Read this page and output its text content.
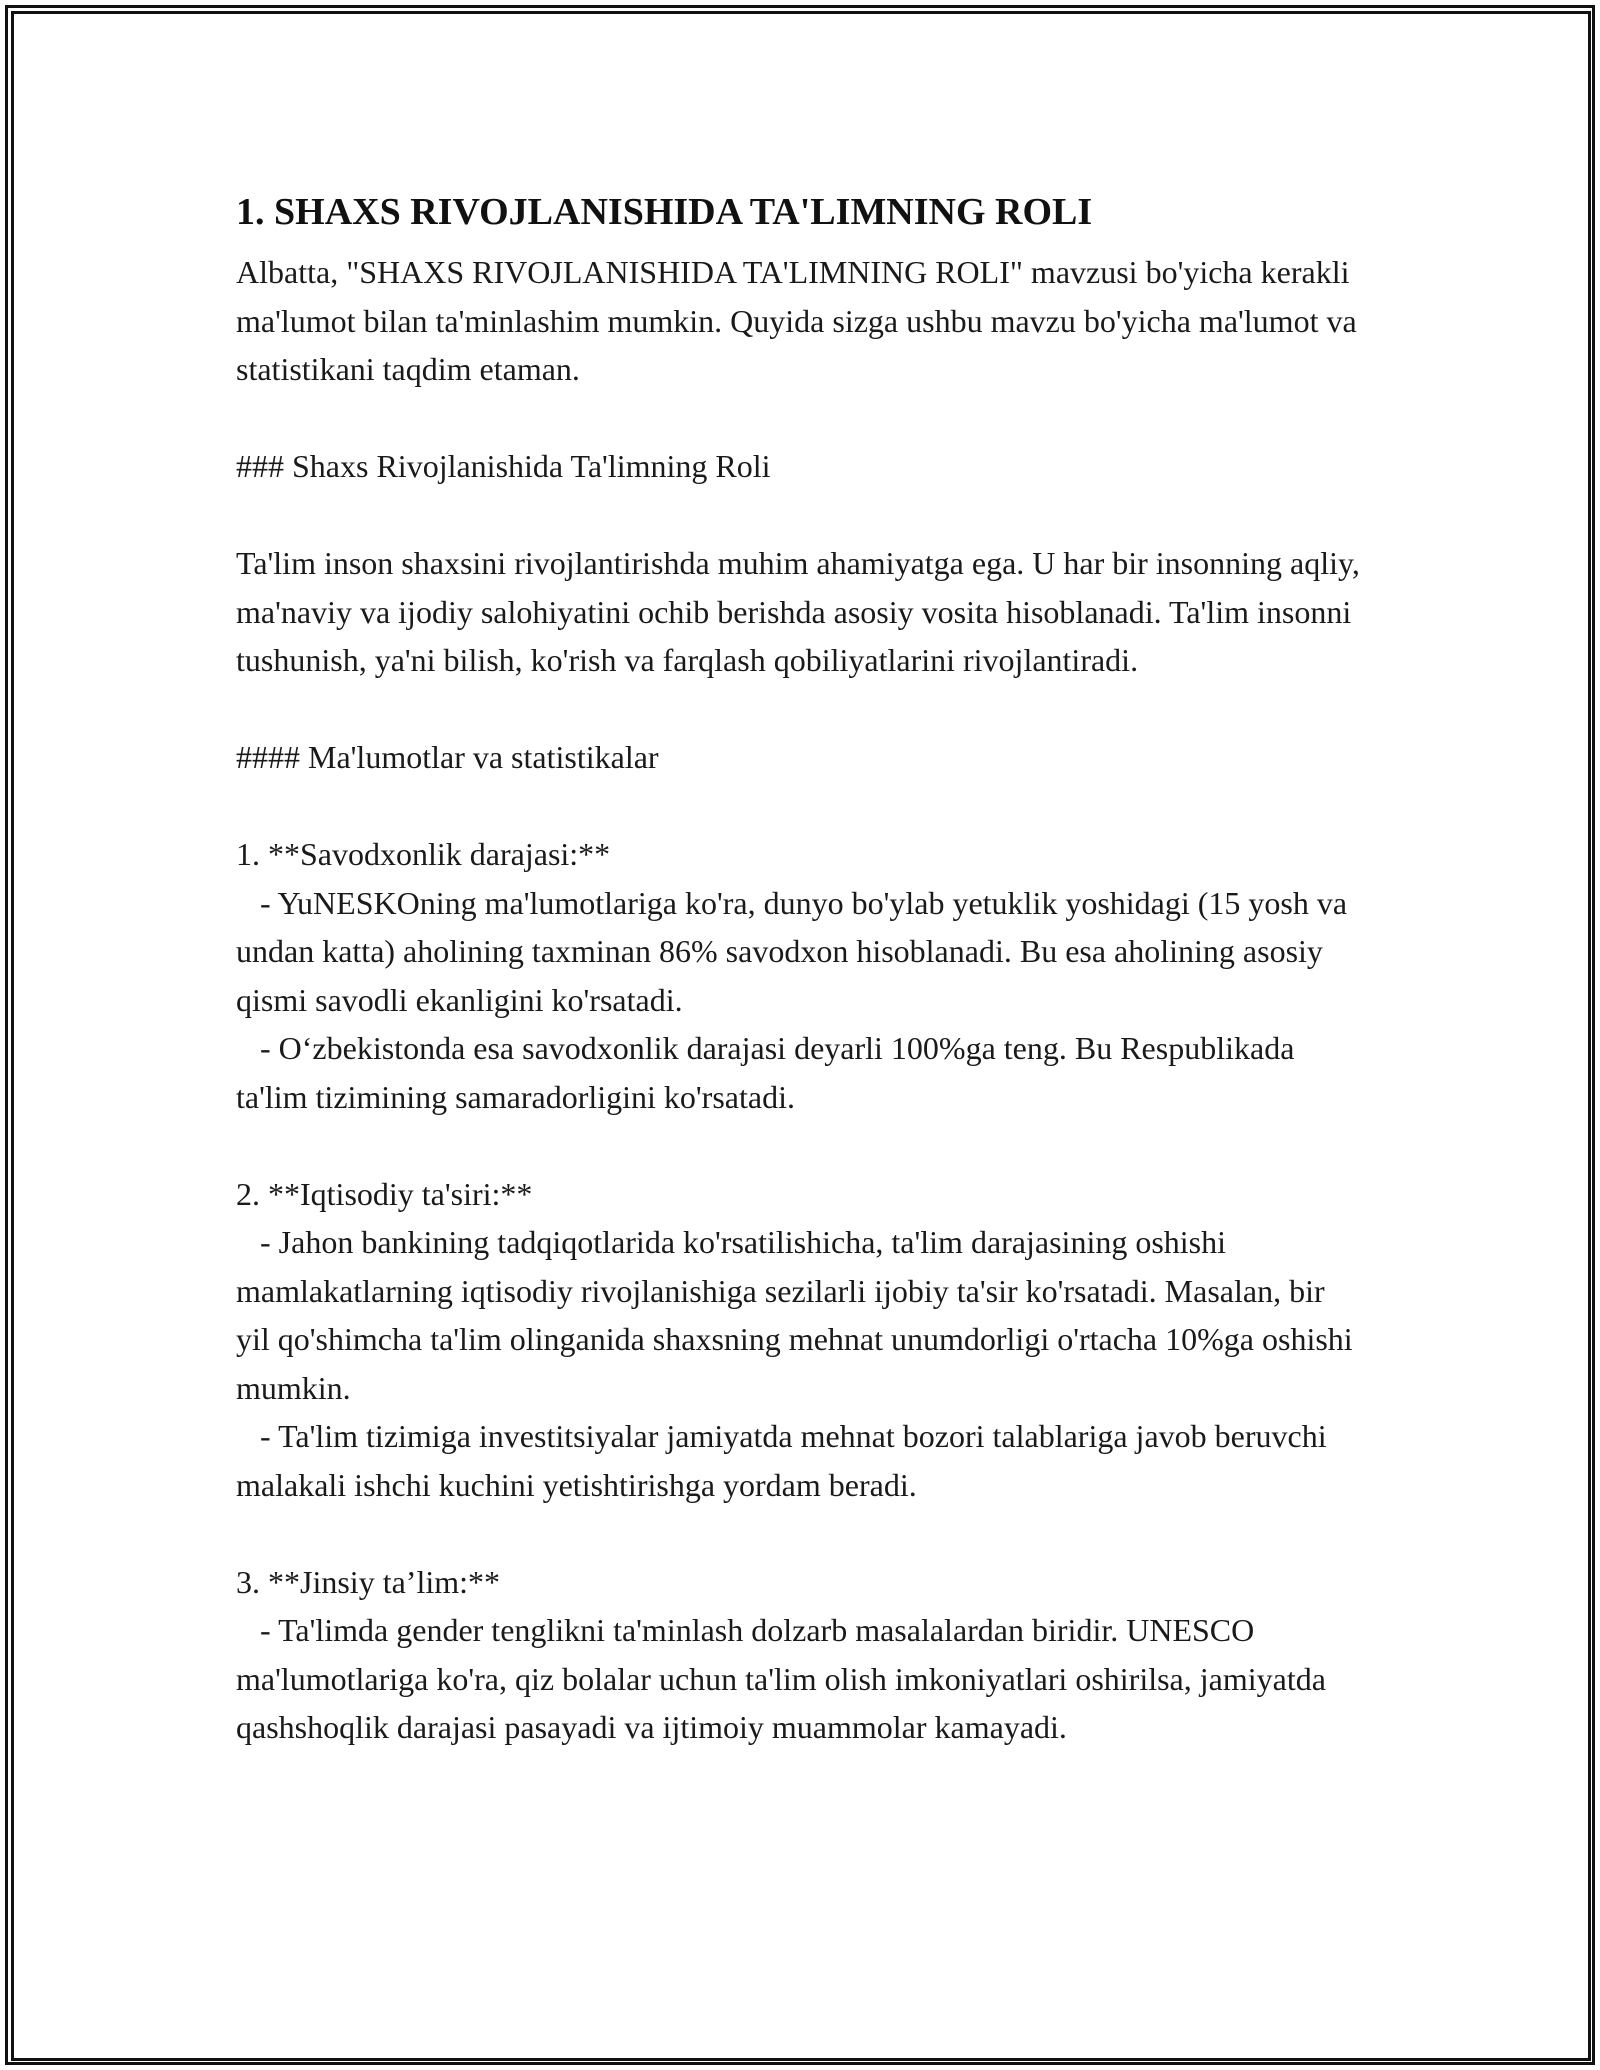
1. SHAXS RIVOJLANISHIDA TA'LIMNING ROLI

Albatta, "SHAXS RIVOJLANISHIDA TA'LIMNING ROLI" mavzusi bo'yicha kerakli ma'lumot bilan ta'minlashim mumkin. Quyida sizga ushbu mavzu bo'yicha ma'lumot va statistikani taqdim etaman.

### Shaxs Rivojlanishida Ta'limning Roli

Ta'lim inson shaxsini rivojlantirishda muhim ahamiyatga ega. U har bir insonning aqliy, ma'naviy va ijodiy salohiyatini ochib berishda asosiy vosita hisoblanadi. Ta'lim insonni tushunish, ya'ni bilish, ko'rish va farqlash qobiliyatlarini rivojlantiradi.

#### Ma'lumotlar va statistikalar

1. **Savodxonlik darajasi:**

- YuNESKOning ma'lumotlariga ko'ra, dunyo bo'ylab yetuklik yoshidagi (15 yosh va undan katta) aholining taxminan 86% savodxon hisoblanadi. Bu esa aholining asosiy qismi savodli ekanligini ko'rsatadi.

- O‘zbekistonda esa savodxonlik darajasi deyarli 100%ga teng. Bu Respublikada ta'lim tizimining samaradorligini ko'rsatadi.

2. **Iqtisodiy ta'siri:**

- Jahon bankining tadqiqotlarida ko'rsatilishicha, ta'lim darajasining oshishi mamlakatlarning iqtisodiy rivojlanishiga sezilarli ijobiy ta'sir ko'rsatadi. Masalan, bir yil qo'shimcha ta'lim olinganida shaxsning mehnat unumdorligi o'rtacha 10%ga oshishi mumkin.

- Ta'lim tizimiga investitsiyalar jamiyatda mehnat bozori talablariga javob beruvchi malakali ishchi kuchini yetishtirishga yordam beradi.

3. **Jinsiy ta’lim:**

- Ta'limda gender tenglikni ta'minlash dolzarb masalalardan biridir. UNESCO ma'lumotlariga ko'ra, qiz bolalar uchun ta'lim olish imkoniyatlari oshirilsa, jamiyatda qashshoqlik darajasi pasayadi va ijtimoiy muammolar kamayadi.
